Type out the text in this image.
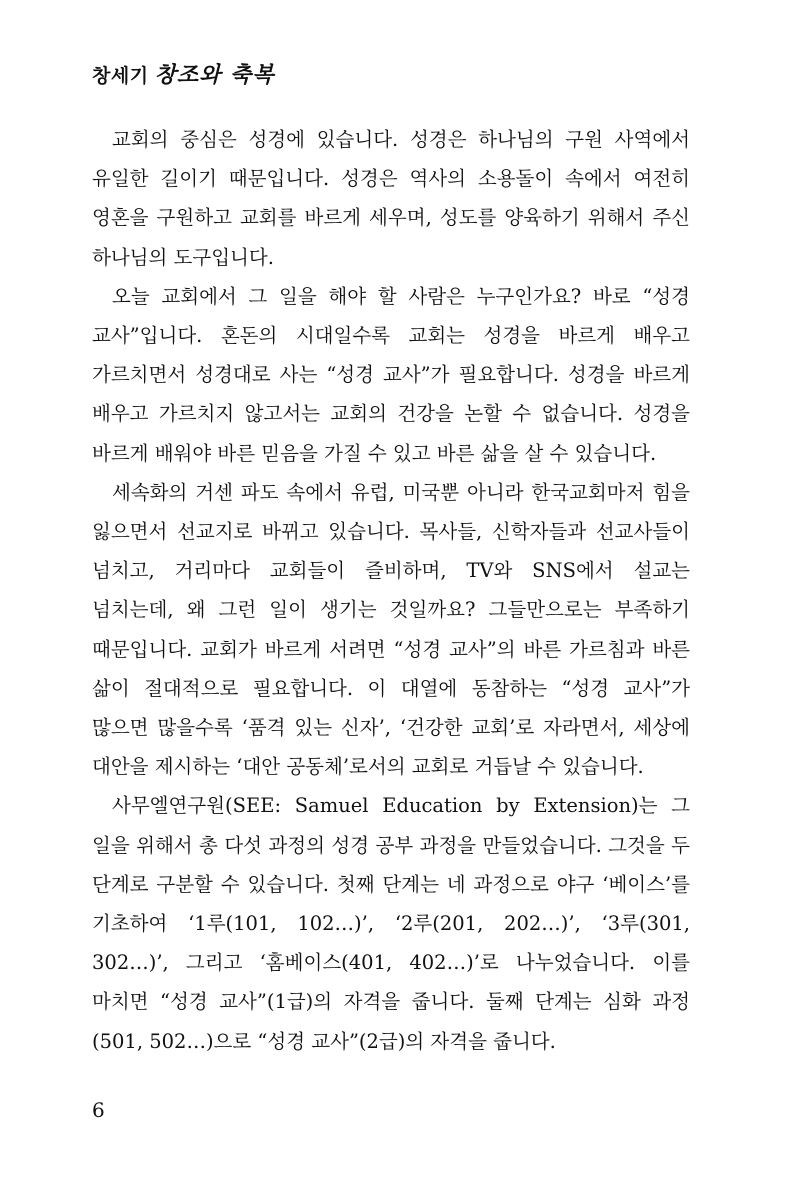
창세기 창조와 축복

교회의 중심은 성경에 있습니다. 성경은 하나님의 구원 사역에서 유일한 길이기 때문입니다. 성경은 역사의 소용돌이 속에서 여전히 영혼을 구원하고 교회를 바르게 세우며, 성도를 양육하기 위해서 주신 하나님의 도구입니다.

오늘 교회에서 그 일을 해야 할 사람은 누구인가요? 바로 “성경 교사”입니다. 혼돈의 시대일수록 교회는 성경을 바르게 배우고 가르치면서 성경대로 사는 “성경 교사”가 필요합니다. 성경을 바르게 배우고 가르치지 않고서는 교회의 건강을 논할 수 없습니다. 성경을 바르게 배워야 바른 믿음을 가질 수 있고 바른 삶을 살 수 있습니다.

세속화의 거센 파도 속에서 유럽, 미국뿐 아니라 한국교회마저 힘을 잃으면서 선교지로 바뀌고 있습니다. 목사들, 신학자들과 선교사들이 넘치고, 거리마다 교회들이 즐비하며, TV와 SNS에서 설교는 넘치는데, 왜 그런 일이 생기는 것일까요? 그들만으로는 부족하기 때문입니다. 교회가 바르게 서려면 “성경 교사”의 바른 가르침과 바른 삶이 절대적으로 필요합니다. 이 대열에 동참하는 “성경 교사”가 많으면 많을수록 ‘품격 있는 신자’, ‘건강한 교회’로 자라면서, 세상에 대안을 제시하는 ‘대안 공동체’로서의 교회로 거듭날 수 있습니다.

사무엘연구원(SEE: Samuel Education by Extension)는 그 일을 위해서 총 다섯 과정의 성경 공부 과정을 만들었습니다. 그것을 두 단계로 구분할 수 있습니다. 첫째 단계는 네 과정으로 야구 ‘베이스’를 기초하여 ‘1루(101, 102…)’, ‘2루(201, 202…)’, ‘3루(301, 302…)’, 그리고 ‘홈베이스(401, 402…)’로 나누었습니다. 이를 마치면 “성경 교사”(1급)의 자격을 줍니다. 둘째 단계는 심화 과정(501, 502…)으로 “성경 교사”(2급)의 자격을 줍니다.

6
